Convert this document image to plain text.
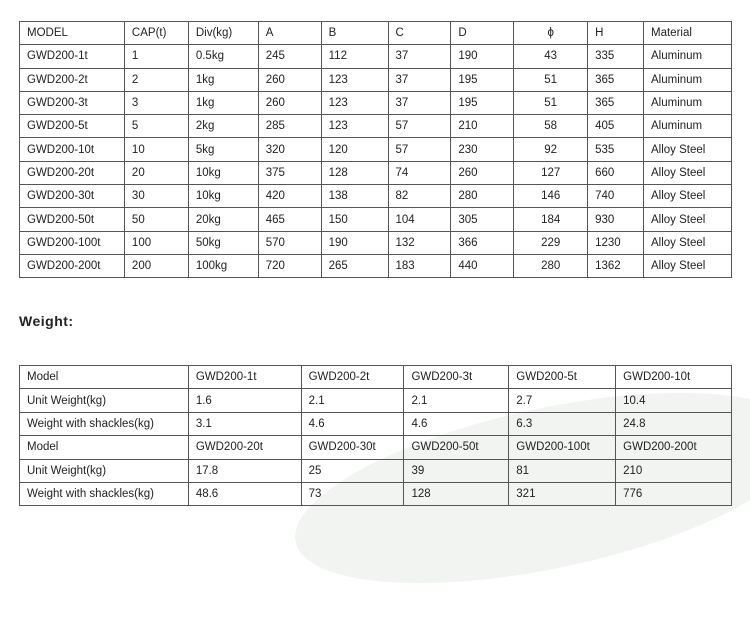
MODEL	CAP(t)	Div(kg)	A	B	C	D	ϕ	H	Material
GWD200-1t	1	0.5kg	245	112	37	190	43	335	Aluminum
GWD200-2t	2	1kg	260	123	37	195	51	365	Aluminum
GWD200-3t	3	1kg	260	123	37	195	51	365	Aluminum
GWD200-5t	5	2kg	285	123	57	210	58	405	Aluminum
GWD200-10t	10	5kg	320	120	57	230	92	535	Alloy Steel
GWD200-20t	20	10kg	375	128	74	260	127	660	Alloy Steel
GWD200-30t	30	10kg	420	138	82	280	146	740	Alloy Steel
GWD200-50t	50	20kg	465	150	104	305	184	930	Alloy Steel
GWD200-100t	100	50kg	570	190	132	366	229	1230	Alloy Steel
GWD200-200t	200	100kg	720	265	183	440	280	1362	Alloy Steel
Weight:
Model	GWD200-1t	GWD200-2t	GWD200-3t	GWD200-5t	GWD200-10t
Unit Weight(kg)	1.6	2.1	2.1	2.7	10.4
Weight with shackles(kg)	3.1	4.6	4.6	6.3	24.8
Model	GWD200-20t	GWD200-30t	GWD200-50t	GWD200-100t	GWD200-200t
Unit Weight(kg)	17.8	25	39	81	210
Weight with shackles(kg)	48.6	73	128	321	776
